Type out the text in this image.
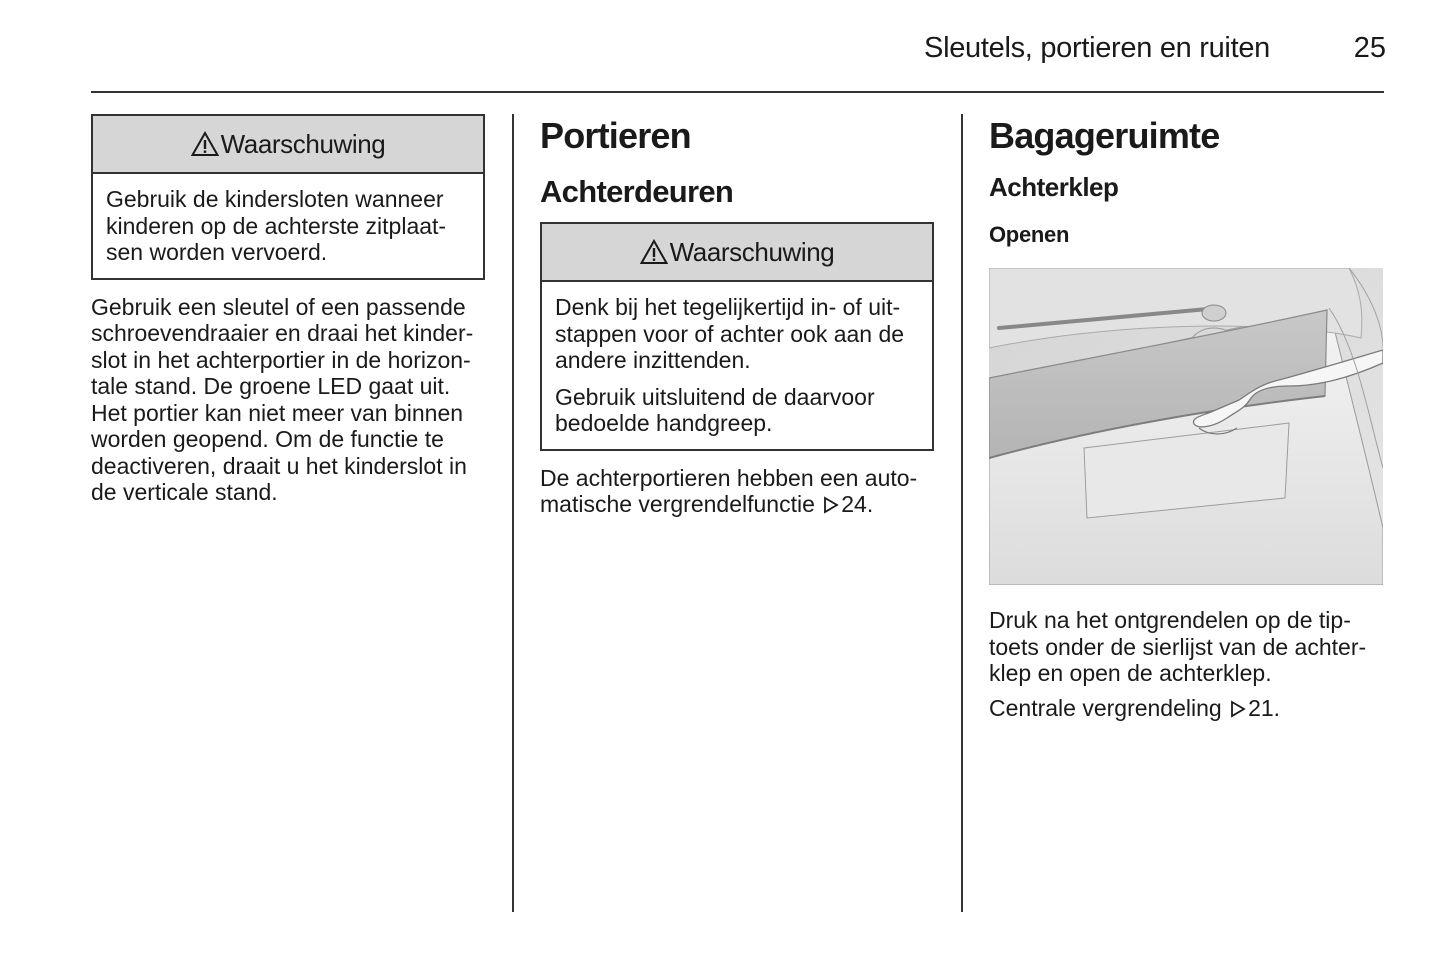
Sleutels, portieren en ruiten	25
Waarschuwing
Gebruik de kindersloten wanneer
kinderen op de achterste zitplaat-
sen worden vervoerd.
Gebruik een sleutel of een passende
schroevendraaier en draai het kinder-
slot in het achterportier in de horizon-
tale stand. De groene LED gaat uit.
Het portier kan niet meer van binnen
worden geopend. Om de functie te
deactiveren, draait u het kinderslot in
de verticale stand.
Portieren
Achterdeuren
Waarschuwing

Denk bij het tegelijkertijd in- of uit-
stappen voor of achter ook aan de
andere inzittenden.

Gebruik uitsluitend de daarvoor
bedoelde handgreep.

De achterportieren hebben een auto-
matische vergrendelfunctie 24.
Bagageruimte
Achterklep
Openen
Druk na het ontgrendelen op de tip-
toets onder de sierlijst van de achter-
klep en open de achterklep.
Centrale vergrendeling 21.
